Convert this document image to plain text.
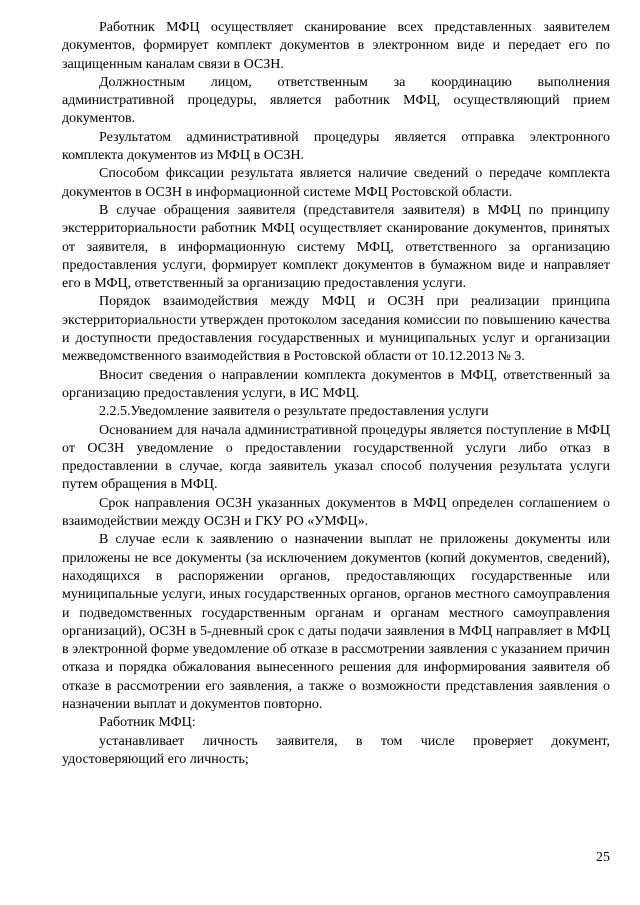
Работник МФЦ осуществляет сканирование всех представленных заявителем документов, формирует комплект документов в электронном виде и передает его по защищенным каналам связи в ОСЗН.

Должностным лицом, ответственным за координацию выполнения административной процедуры, является работник МФЦ, осуществляющий прием документов.

Результатом административной процедуры является отправка электронного комплекта документов из МФЦ в ОСЗН.

Способом фиксации результата является наличие сведений о передаче комплекта документов в ОСЗН в информационной системе МФЦ Ростовской области.

В случае обращения заявителя (представителя заявителя) в МФЦ по принципу экстерриториальности работник МФЦ осуществляет сканирование документов, принятых от заявителя, в информационную систему МФЦ, ответственного за организацию предоставления услуги, формирует комплект документов в бумажном виде и направляет его в МФЦ, ответственный за организацию предоставления услуги.

Порядок взаимодействия между МФЦ и ОСЗН при реализации принципа экстерриториальности утвержден протоколом заседания комиссии по повышению качества и доступности предоставления государственных и муниципальных услуг и организации межведомственного взаимодействия в Ростовской области от 10.12.2013 № 3.

Вносит сведения о направлении комплекта документов в МФЦ, ответственный за организацию предоставления услуги, в ИС МФЦ.

2.2.5.Уведомление заявителя о результате предоставления услуги

Основанием для начала административной процедуры является поступление в МФЦ от ОСЗН уведомление о предоставлении государственной услуги либо отказ в предоставлении в случае, когда заявитель указал способ получения результата услуги путем обращения в МФЦ.

Срок направления ОСЗН указанных документов в МФЦ определен соглашением о взаимодействии между ОСЗН и ГКУ РО «УМФЦ».

В случае если к заявлению о назначении выплат не приложены документы или приложены не все документы (за исключением документов (копий документов, сведений), находящихся в распоряжении органов, предоставляющих государственные или муниципальные услуги, иных государственных органов, органов местного самоуправления и подведомственных государственным органам и органам местного самоуправления организаций), ОСЗН в 5-дневный срок с даты подачи заявления в МФЦ направляет в МФЦ в электронной форме уведомление об отказе в рассмотрении заявления с указанием причин отказа и порядка обжалования вынесенного решения для информирования заявителя об отказе в рассмотрении его заявления, а также о возможности представления заявления о назначении выплат и документов повторно.

Работник МФЦ:

устанавливает личность заявителя, в том числе проверяет документ, удостоверяющий его личность;

25
